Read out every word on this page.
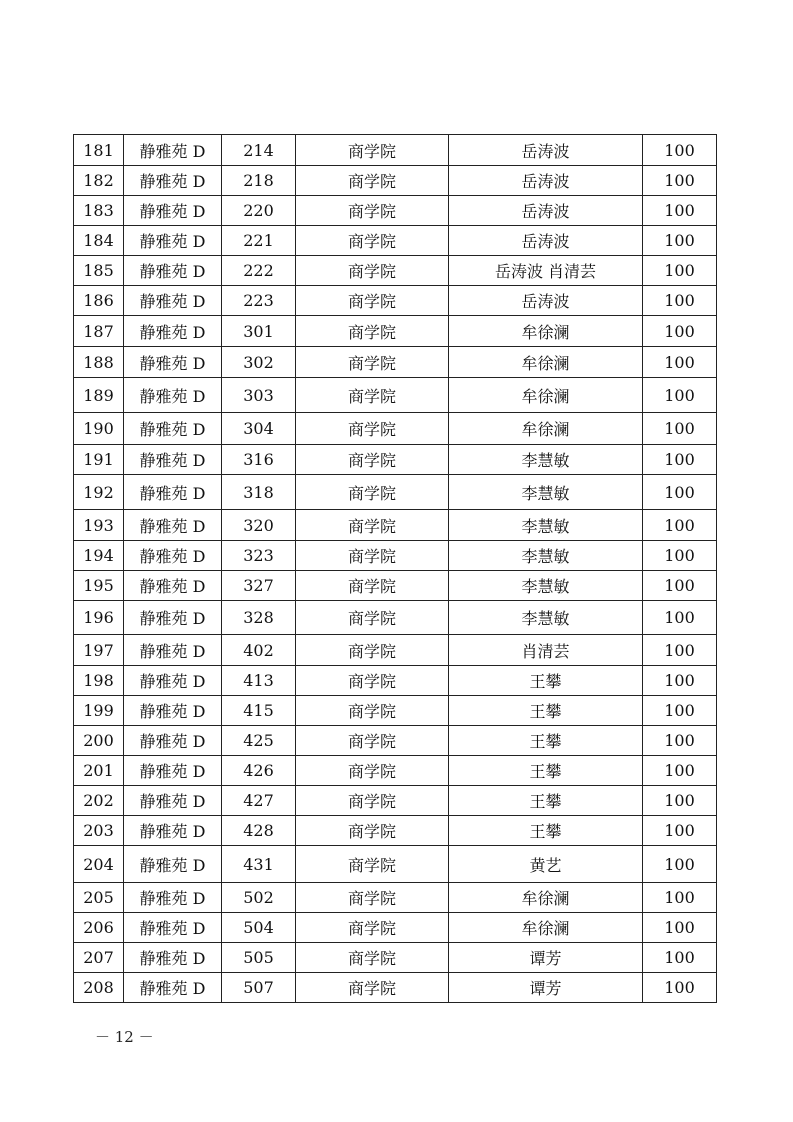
181	静雅苑 D	214	商学院	岳涛波	100
182	静雅苑 D	218	商学院	岳涛波	100
183	静雅苑 D	220	商学院	岳涛波	100
184	静雅苑 D	221	商学院	岳涛波	100
185	静雅苑 D	222	商学院	岳涛波 肖清芸	100
186	静雅苑 D	223	商学院	岳涛波	100
187	静雅苑 D	301	商学院	牟徐澜	100
188	静雅苑 D	302	商学院	牟徐澜	100
189	静雅苑 D	303	商学院	牟徐澜	100
190	静雅苑 D	304	商学院	牟徐澜	100
191	静雅苑 D	316	商学院	李慧敏	100
192	静雅苑 D	318	商学院	李慧敏	100
193	静雅苑 D	320	商学院	李慧敏	100
194	静雅苑 D	323	商学院	李慧敏	100
195	静雅苑 D	327	商学院	李慧敏	100
196	静雅苑 D	328	商学院	李慧敏	100
197	静雅苑 D	402	商学院	肖清芸	100
198	静雅苑 D	413	商学院	王攀	100
199	静雅苑 D	415	商学院	王攀	100
200	静雅苑 D	425	商学院	王攀	100
201	静雅苑 D	426	商学院	王攀	100
202	静雅苑 D	427	商学院	王攀	100
203	静雅苑 D	428	商学院	王攀	100
204	静雅苑 D	431	商学院	黄艺	100
205	静雅苑 D	502	商学院	牟徐澜	100
206	静雅苑 D	504	商学院	牟徐澜	100
207	静雅苑 D	505	商学院	谭芳	100
208	静雅苑 D	507	商学院	谭芳	100
－ 12 －
